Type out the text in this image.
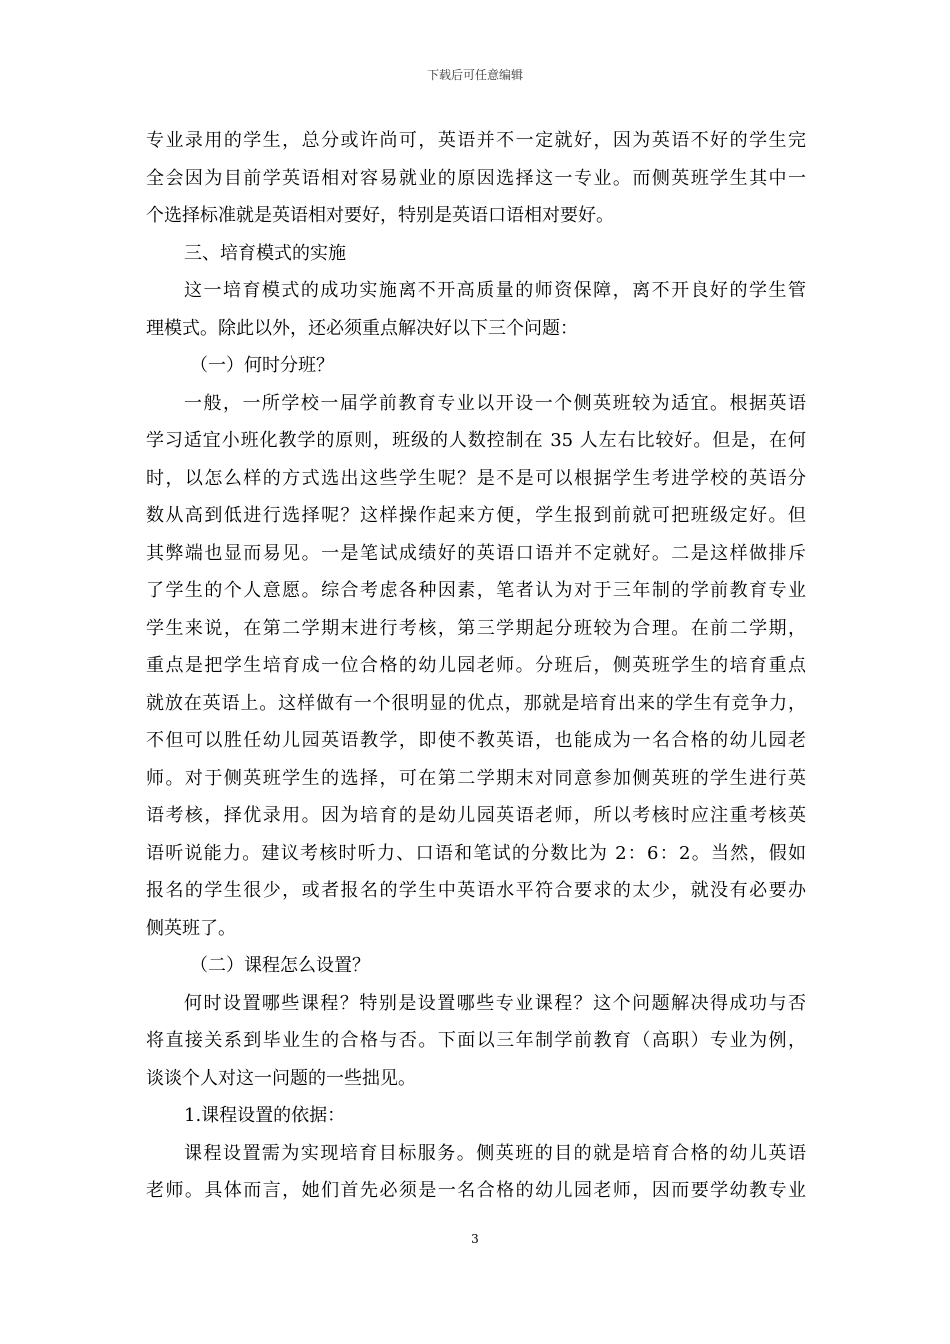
下载后可任意编辑
专业录用的学生，总分或许尚可，英语并不一定就好，因为英语不好的学生完
全会因为目前学英语相对容易就业的原因选择这一专业。而侧英班学生其中一
个选择标准就是英语相对要好，特别是英语口语相对要好。
三、培育模式的实施
这一培育模式的成功实施离不开高质量的师资保障，离不开良好的学生管
理模式。除此以外，还必须重点解决好以下三个问题：
（一）何时分班？
一般，一所学校一届学前教育专业以开设一个侧英班较为适宜。根据英语
学习适宜小班化教学的原则，班级的人数控制在 35 人左右比较好。但是，在何
时，以怎么样的方式选出这些学生呢？是不是可以根据学生考进学校的英语分
数从高到低进行选择呢？这样操作起来方便，学生报到前就可把班级定好。但
其弊端也显而易见。一是笔试成绩好的英语口语并不定就好。二是这样做排斥
了学生的个人意愿。综合考虑各种因素，笔者认为对于三年制的学前教育专业
学生来说，在第二学期末进行考核，第三学期起分班较为合理。在前二学期，
重点是把学生培育成一位合格的幼儿园老师。分班后，侧英班学生的培育重点
就放在英语上。这样做有一个很明显的优点，那就是培育出来的学生有竞争力，
不但可以胜任幼儿园英语教学，即使不教英语，也能成为一名合格的幼儿园老
师。对于侧英班学生的选择，可在第二学期末对同意参加侧英班的学生进行英
语考核，择优录用。因为培育的是幼儿园英语老师，所以考核时应注重考核英
语听说能力。建议考核时听力、口语和笔试的分数比为 2：6：2。当然，假如
报名的学生很少，或者报名的学生中英语水平符合要求的太少，就没有必要办
侧英班了。
（二）课程怎么设置？
何时设置哪些课程？特别是设置哪些专业课程？这个问题解决得成功与否
将直接关系到毕业生的合格与否。下面以三年制学前教育（高职）专业为例，
谈谈个人对这一问题的一些拙见。
1.课程设置的依据：
课程设置需为实现培育目标服务。侧英班的目的就是培育合格的幼儿英语
老师。具体而言，她们首先必须是一名合格的幼儿园老师，因而要学幼教专业
3
